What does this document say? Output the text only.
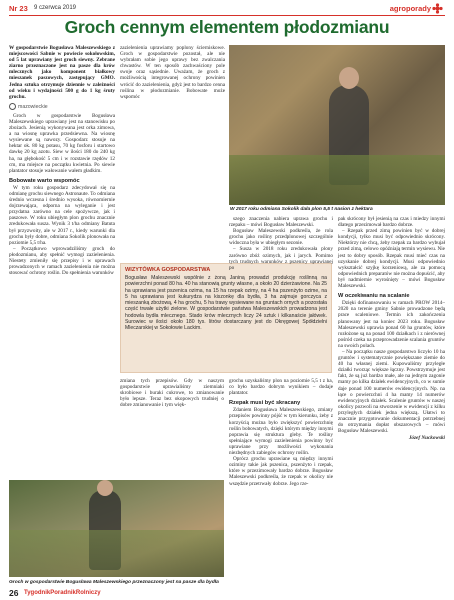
Nr 23 9 czerwca 2019	agroporady
Groch cennym elementem płodozmianu

W gospodarstwie Bogusława Maleszewskiego z miejscowości Sabnie w powiecie sokołowskim, od 5 lat uprawiany jest groch siewny. Zebrane ziarno przeznaczone jest na pasze dla krów mlecznych jako komponent białkowy mieszanek paszowych, zastępujący GMO. Jedna sztuka otrzymuje dziennie w zależności od wieku i wydajności 500 g do 1 kg śruty grochu.

mazowieckie

Groch w gospodarstwie Bogusława Maleszewskiego uprawiany jest na stanowisku po zbożach. Jesienią wykonywana jest orka zimowa, a na wiosnę uprawka przedsiewna. Na wiosnę wysiewane są nawozy. Gospodarz stosuje na hektar ok. 80 kg potasu, 70 kg fosforu i startowo dawkę 20 kg azotu. Siew w ilości 180 do 240 kg ha, na głębokość 5 cm i w rozstawie rzędów 12 cm, ma miejsce na początku kwietnia. Po siewie plantator stosuje wałowanie wałem gładkim.

Bobowate warto wspomóc

W tym roku gospodarz zdecydował się na odmianę grochu siewnego Astronaute. To odmiana średnio wczesna i średnio wysoka, równomiernie dojrzewająca, odporna na wyleganie i jest przydatna zarówno na cele spożywcze, jak i paszowe. W roku ubiegłym plon grochu znacznie zredukowała susza. Wynik 3 t/ha odmiany Batuta był przyzwoity, ale w 2017 r., kiedy warunki dla grochu były dobre, odmiana Sokolik plonowała na poziomie 5,5 t/ha.

– Początkowo wprowadziliśmy groch do płodozmianu, aby spełnić wymogi zazielenienia. Niestety zmieniły się przepisy i w uprawach prowadzonych w ramach zazielenienia nie można stosować ochrony roślin. Do spełnienia warunków

zazielenienia uprawiamy poplony ścierniskowe. Groch w gospodarstwie pozostał, ale nie wybrałam sobie jego uprawy bez zwalczania chwastów. W ten sposób zachwaściony pole swoje oraz sąsiednie. Uważam, że groch z możliwością integrowanej ochrony powinien wrócić do zazielenienia, gdyż jest to bardzo cenna roślina w płodozmianie. Bobowate może wspomóc

W 2017 roku odmiana Sokolik dała plon 5,5 t nasion z hektara
WIZYTÓWKA GOSPODARSTWA
Bogusław Maleszewski wspólnie z żoną Janiną prowadzi produkcję roślinną na powierzchni ponad 80 ha. 40 ha stanowią grunty własne, a około 20 dzierżawione. Na 25 ha uprawiana jest pszenica ozima, na 15 ha rzepak ozimy, na 4 ha pszenżyto ozime, na 5 ha uprawiana jest kukurydza na kiszonkę dla bydła, 3 ha zajmuje gorczyca z mieszanką zbożową, 4 ha grochu, 5 ha trawy wysiewane na gruntach ornych a pozostała część trwałe użytki zielone. W gospodarstwie państwa Maleszewskich prowadzona jest hodowla bydła mlecznego. Stado krów mlecznych liczy 24 sztuk i kilkanaście jałówek. Surowiec w ilości około 180 tys. litrów dostarczany jest do Okręgowej Spółdzielni Mleczarskiej w Sokołowie Lackim.

szego znaczenia nabiera uprawa grochu i rzepaku – mówi Bogusław Maleszewski.

Bogusław Maleszewski podkreśla, że rola grochu jako rośliny przedplonowej szczególnie widoczna była w ubiegłym sezonie.

– Susza w 2018 roku zredukowała plony zarówno zbóż ozimych, jak i jarych. Pomimo tych trudnych warunków z pszenicy uprawianej po

zmiana tych przepisów. Gdy w naszym gospodarstwie uprawialiśmy ziemniaki skrobiowe i buraki cukrowe, to zmianowanie było lepsze. Teraz bez okopowych trudniej o dobre zmianowanie i tym więk-

grochu uzyskaliśmy plon na poziomie 5,5 t z ha, co było bardzo dobrym wynikiem – dodaje plantator.

Rzepak musi być skracany

Zdaniem Bogusława Maleszewskiego, zmiany przepisów powinny pójść w tym kierunku, żeby z korzyścią można było zwiększyć powierzchnię roślin bobowatych, dzięki którym między innymi poprawia się struktura gleby. Te rośliny spełniające wymogi zazielenienia powinny być uprawiane przy możliwości wykonania niezbędnych zabiegów ochrony roślin.

Oprócz grochu uprawiane są między innymi oziminy takie jak pszenica, pszenżyto i rzepak, które w przezimowały bardzo dobrze. Bogusław Maleszewski podkreśla, że rzepak w okolicy nie wszędzie przetrwały dobrze. Jego rze-

pak skrócony był jesienią na czas i miedzy innymi dlatego przezimował bardzo dobrze.

– Rzepak przed zimą powinien być w dobrej kondycji, tylko musi być odpowiednio skrócony. Niektórzy nie chcą, żeby rzepak za bardzo wybujał przed zimą, celowo opóźniają termin wysiewu. Nie jest to dobry sposób. Rzepak musi mieć czas na uzyskanie dobrej kondycji. Musi odpowiednio wykształcić szyjkę korzeniową, ale za pomocą odpowiednich preparatów nie można dopuścić, aby był nadmiernie wyrośnięty – mówi Bogusław Maleszewski.

W oczekiwaniu na scalanie

Dzięki dofinansowaniu w ramach PROW 2014–2020 na terenie gminy Sabnie prowadzone będą prace scaleniowe. Termin ich zakończenia planowany jest na koniec 2023 roku. Bogusław Maleszewski uprawia ponad 60 ha gruntów, które rozłożone są na ponad 100 działkach i z nierównej pośród czeka na przeprowadzenie scalania gruntów na swoich polach.

– Na początku nasze gospodarstwo liczyło 10 ha gruntów i systematycznie powiększane ziemie do 40 ha własnej ziemi. Kupowaliśmy przyległe działki tworząc większe łączny. Powstrzymuje jest fakt, że są już bardzo małe, ale na jednym zagonie mamy po kilka działek ewidencyjnych, co w sumie daje ponad 100 numerów ewidencyjnych. Np. na łące o powierzchni 4 ha mamy 14 numerów ewidencyjnych działek. Scalenie gruntów w naszej okolicy pozwoli na stworzenie w ewidencji z kilku przyległych działek jedna większą. Ułatwi to znacznie przygotowanie dokumentacji potrzebnej do otrzymania dopłat obszarowych – mówi Bogusław Maleszewski.

Józef Nuckowski
Groch w gospodarstwie Bogusława Maleszewskiego przeznaczony jest na pasze dla bydła
26 TygodnikPoradnikRolniczy
